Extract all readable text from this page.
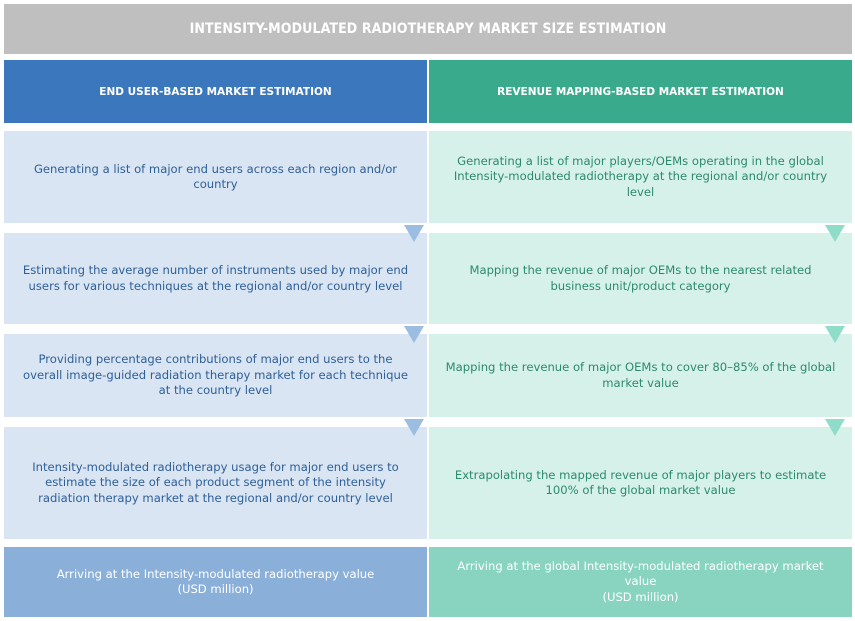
INTENSITY-MODULATED RADIOTHERAPY MARKET SIZE ESTIMATION
END USER-BASED MARKET ESTIMATION	REVENUE MAPPING-BASED MARKET ESTIMATION
Generating a list of major end users across each region and/or country
Estimating the average number of instruments used by major end users for various techniques at the regional and/or country level
Providing percentage contributions of major end users to the overall image-guided radiation therapy market for each technique at the country level
Intensity-modulated radiotherapy usage for major end users to estimate the size of each product segment of the intensity radiation therapy market at the regional and/or country level
Arriving at the Intensity-modulated radiotherapy value
(USD million)
Generating a list of major players/OEMs operating in the global Intensity-modulated radiotherapy at the regional and/or country level
Mapping the revenue of major OEMs to the nearest related business unit/product category
Mapping the revenue of major OEMs to cover 80–85% of the global market value
Extrapolating the mapped revenue of major players to estimate 100% of the global market value
Arriving at the global Intensity-modulated radiotherapy market value
(USD million)
